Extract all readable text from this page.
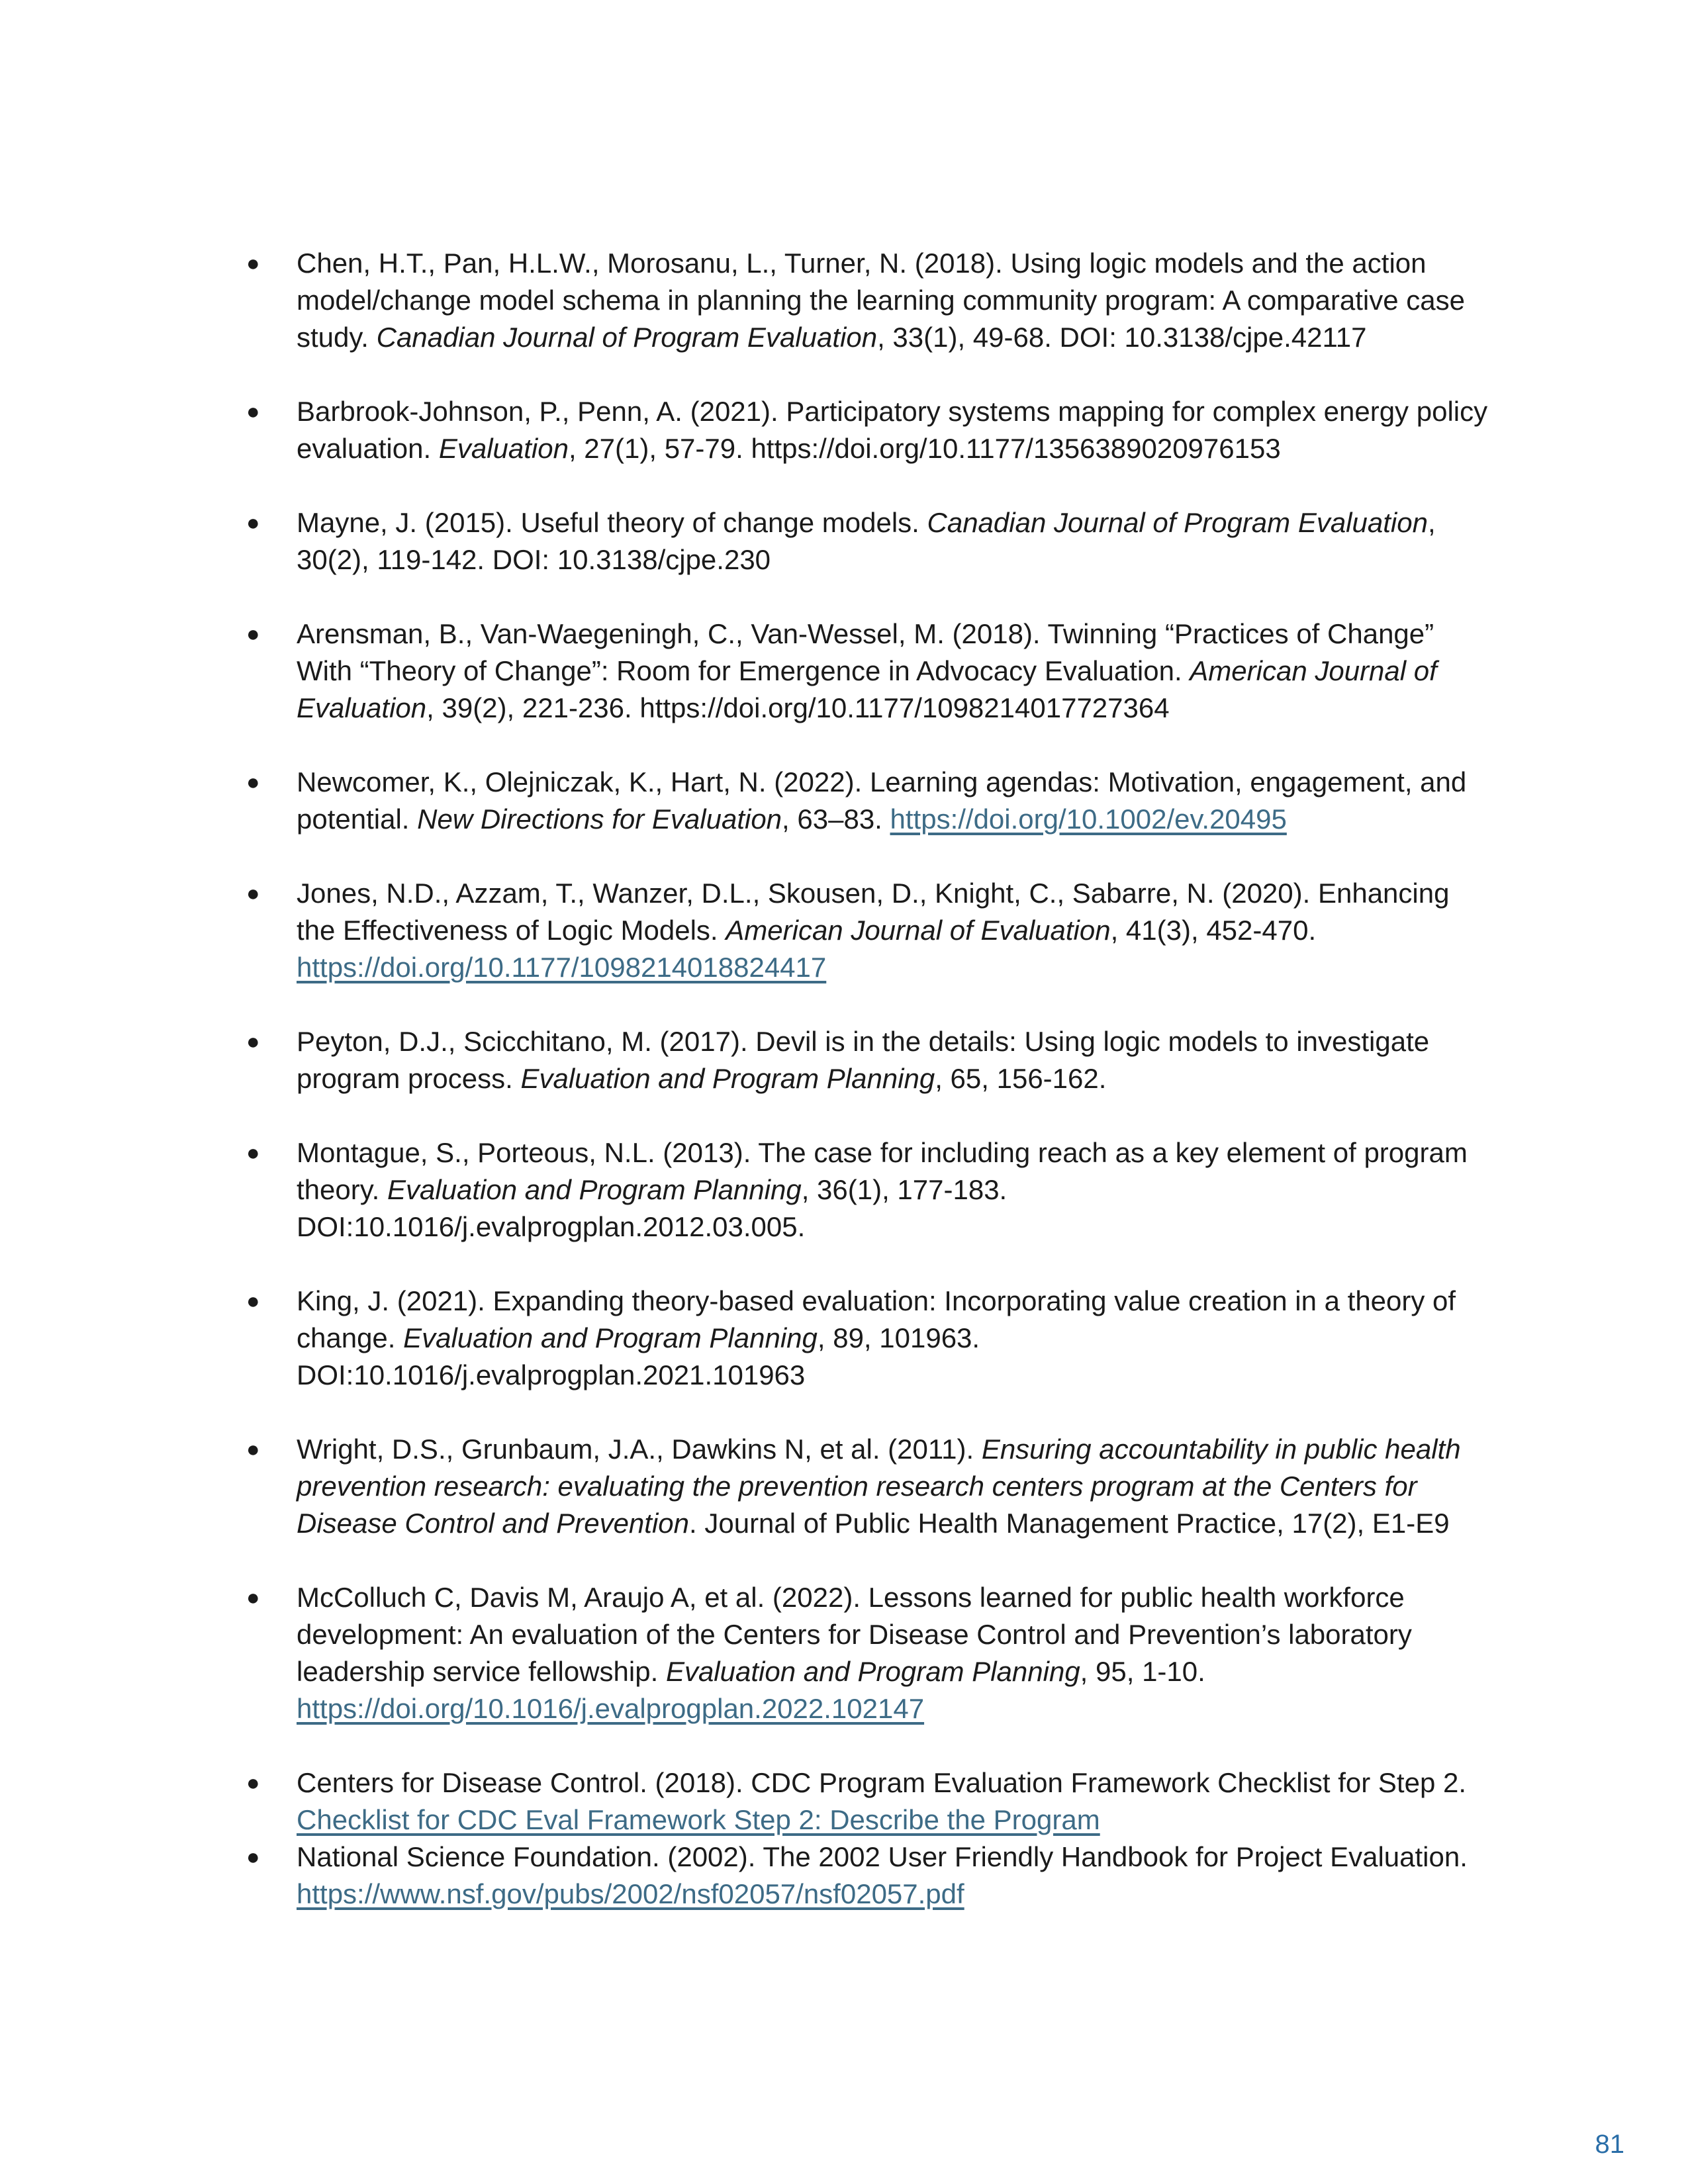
● Chen, H.T., Pan, H.L.W., Morosanu, L., Turner, N. (2018). Using logic models and the action model/change model schema in planning the learning community program: A comparative case study. Canadian Journal of Program Evaluation, 33(1), 49-68. DOI: 10.3138/cjpe.42117
● Barbrook-Johnson, P., Penn, A. (2021). Participatory systems mapping for complex energy policy evaluation. Evaluation, 27(1), 57-79. https://doi.org/10.1177/1356389020976153
● Mayne, J. (2015). Useful theory of change models. Canadian Journal of Program Evaluation, 30(2), 119-142. DOI: 10.3138/cjpe.230
● Arensman, B., Van-Waegeningh, C., Van-Wessel, M. (2018). Twinning “Practices of Change” With “Theory of Change”: Room for Emergence in Advocacy Evaluation. American Journal of Evaluation, 39(2), 221-236. https://doi.org/10.1177/1098214017727364
● Newcomer, K., Olejniczak, K., Hart, N. (2022). Learning agendas: Motivation, engagement, and potential. New Directions for Evaluation, 63–83. https://doi.org/10.1002/ev.20495
● Jones, N.D., Azzam, T., Wanzer, D.L., Skousen, D., Knight, C., Sabarre, N. (2020). Enhancing the Effectiveness of Logic Models. American Journal of Evaluation, 41(3), 452-470. https://doi.org/10.1177/1098214018824417
● Peyton, D.J., Scicchitano, M. (2017). Devil is in the details: Using logic models to investigate program process. Evaluation and Program Planning, 65, 156-162.
● Montague, S., Porteous, N.L. (2013). The case for including reach as a key element of program theory. Evaluation and Program Planning, 36(1), 177-183. DOI:10.1016/j.evalprogplan.2012.03.005.
● King, J. (2021). Expanding theory-based evaluation: Incorporating value creation in a theory of change. Evaluation and Program Planning, 89, 101963. DOI:10.1016/j.evalprogplan.2021.101963
● Wright, D.S., Grunbaum, J.A., Dawkins N, et al. (2011). Ensuring accountability in public health prevention research: evaluating the prevention research centers program at the Centers for Disease Control and Prevention. Journal of Public Health Management Practice, 17(2), E1-E9
● McColluch C, Davis M, Araujo A, et al. (2022). Lessons learned for public health workforce development: An evaluation of the Centers for Disease Control and Prevention’s laboratory leadership service fellowship. Evaluation and Program Planning, 95, 1-10. https://doi.org/10.1016/j.evalprogplan.2022.102147
● Centers for Disease Control. (2018). CDC Program Evaluation Framework Checklist for Step 2. Checklist for CDC Eval Framework Step 2: Describe the Program
● National Science Foundation. (2002). The 2002 User Friendly Handbook for Project Evaluation. https://www.nsf.gov/pubs/2002/nsf02057/nsf02057.pdf
81
